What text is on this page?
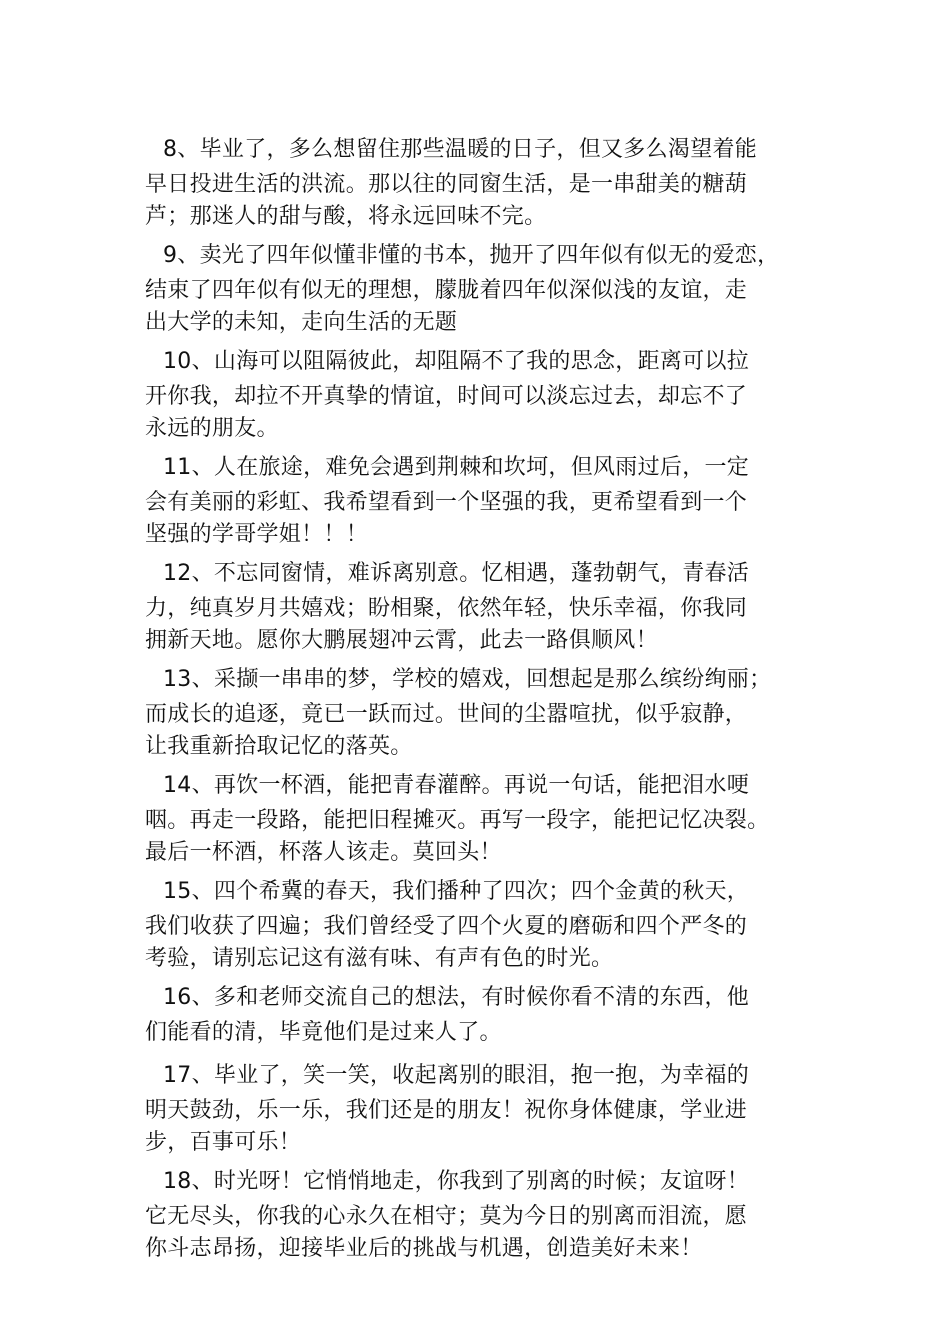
8、毕业了，多么想留住那些温暖的日子，但又多么渴望着能
早日投进生活的洪流。那以往的同窗生活，是一串甜美的糖葫
芦；那迷人的甜与酸，将永远回味不完。

9、卖光了四年似懂非懂的书本，抛开了四年似有似无的爱恋，
结束了四年似有似无的理想，朦胧着四年似深似浅的友谊，走
出大学的未知，走向生活的无题

10、山海可以阻隔彼此，却阻隔不了我的思念，距离可以拉
开你我，却拉不开真挚的情谊，时间可以淡忘过去，却忘不了
永远的朋友。

11、人在旅途，难免会遇到荆棘和坎坷，但风雨过后，一定
会有美丽的彩虹、我希望看到一个坚强的我，更希望看到一个
坚强的学哥学姐！！！

12、不忘同窗情，难诉离别意。忆相遇，蓬勃朝气，青春活
力，纯真岁月共嬉戏；盼相聚，依然年轻，快乐幸福，你我同
拥新天地。愿你大鹏展翅冲云霄，此去一路俱顺风！

13、采撷一串串的梦，学校的嬉戏，回想起是那么缤纷绚丽；
而成长的追逐，竟已一跃而过。世间的尘嚣喧扰，似乎寂静，
让我重新拾取记忆的落英。

14、再饮一杯酒，能把青春灌醉。再说一句话，能把泪水哽
咽。再走一段路，能把旧程摊灭。再写一段字，能把记忆决裂。
最后一杯酒，杯落人该走。莫回头！

15、四个希冀的春天，我们播种了四次；四个金黄的秋天，
我们收获了四遍；我们曾经受了四个火夏的磨砺和四个严冬的
考验，请别忘记这有滋有味、有声有色的时光。

16、多和老师交流自己的想法，有时候你看不清的东西，他
们能看的清，毕竟他们是过来人了。

17、毕业了，笑一笑，收起离别的眼泪，抱一抱，为幸福的
明天鼓劲，乐一乐，我们还是的朋友！祝你身体健康，学业进
步，百事可乐！

18、时光呀！它悄悄地走，你我到了别离的时候；友谊呀！
它无尽头，你我的心永久在相守；莫为今日的别离而泪流，愿
你斗志昂扬，迎接毕业后的挑战与机遇，创造美好未来！
